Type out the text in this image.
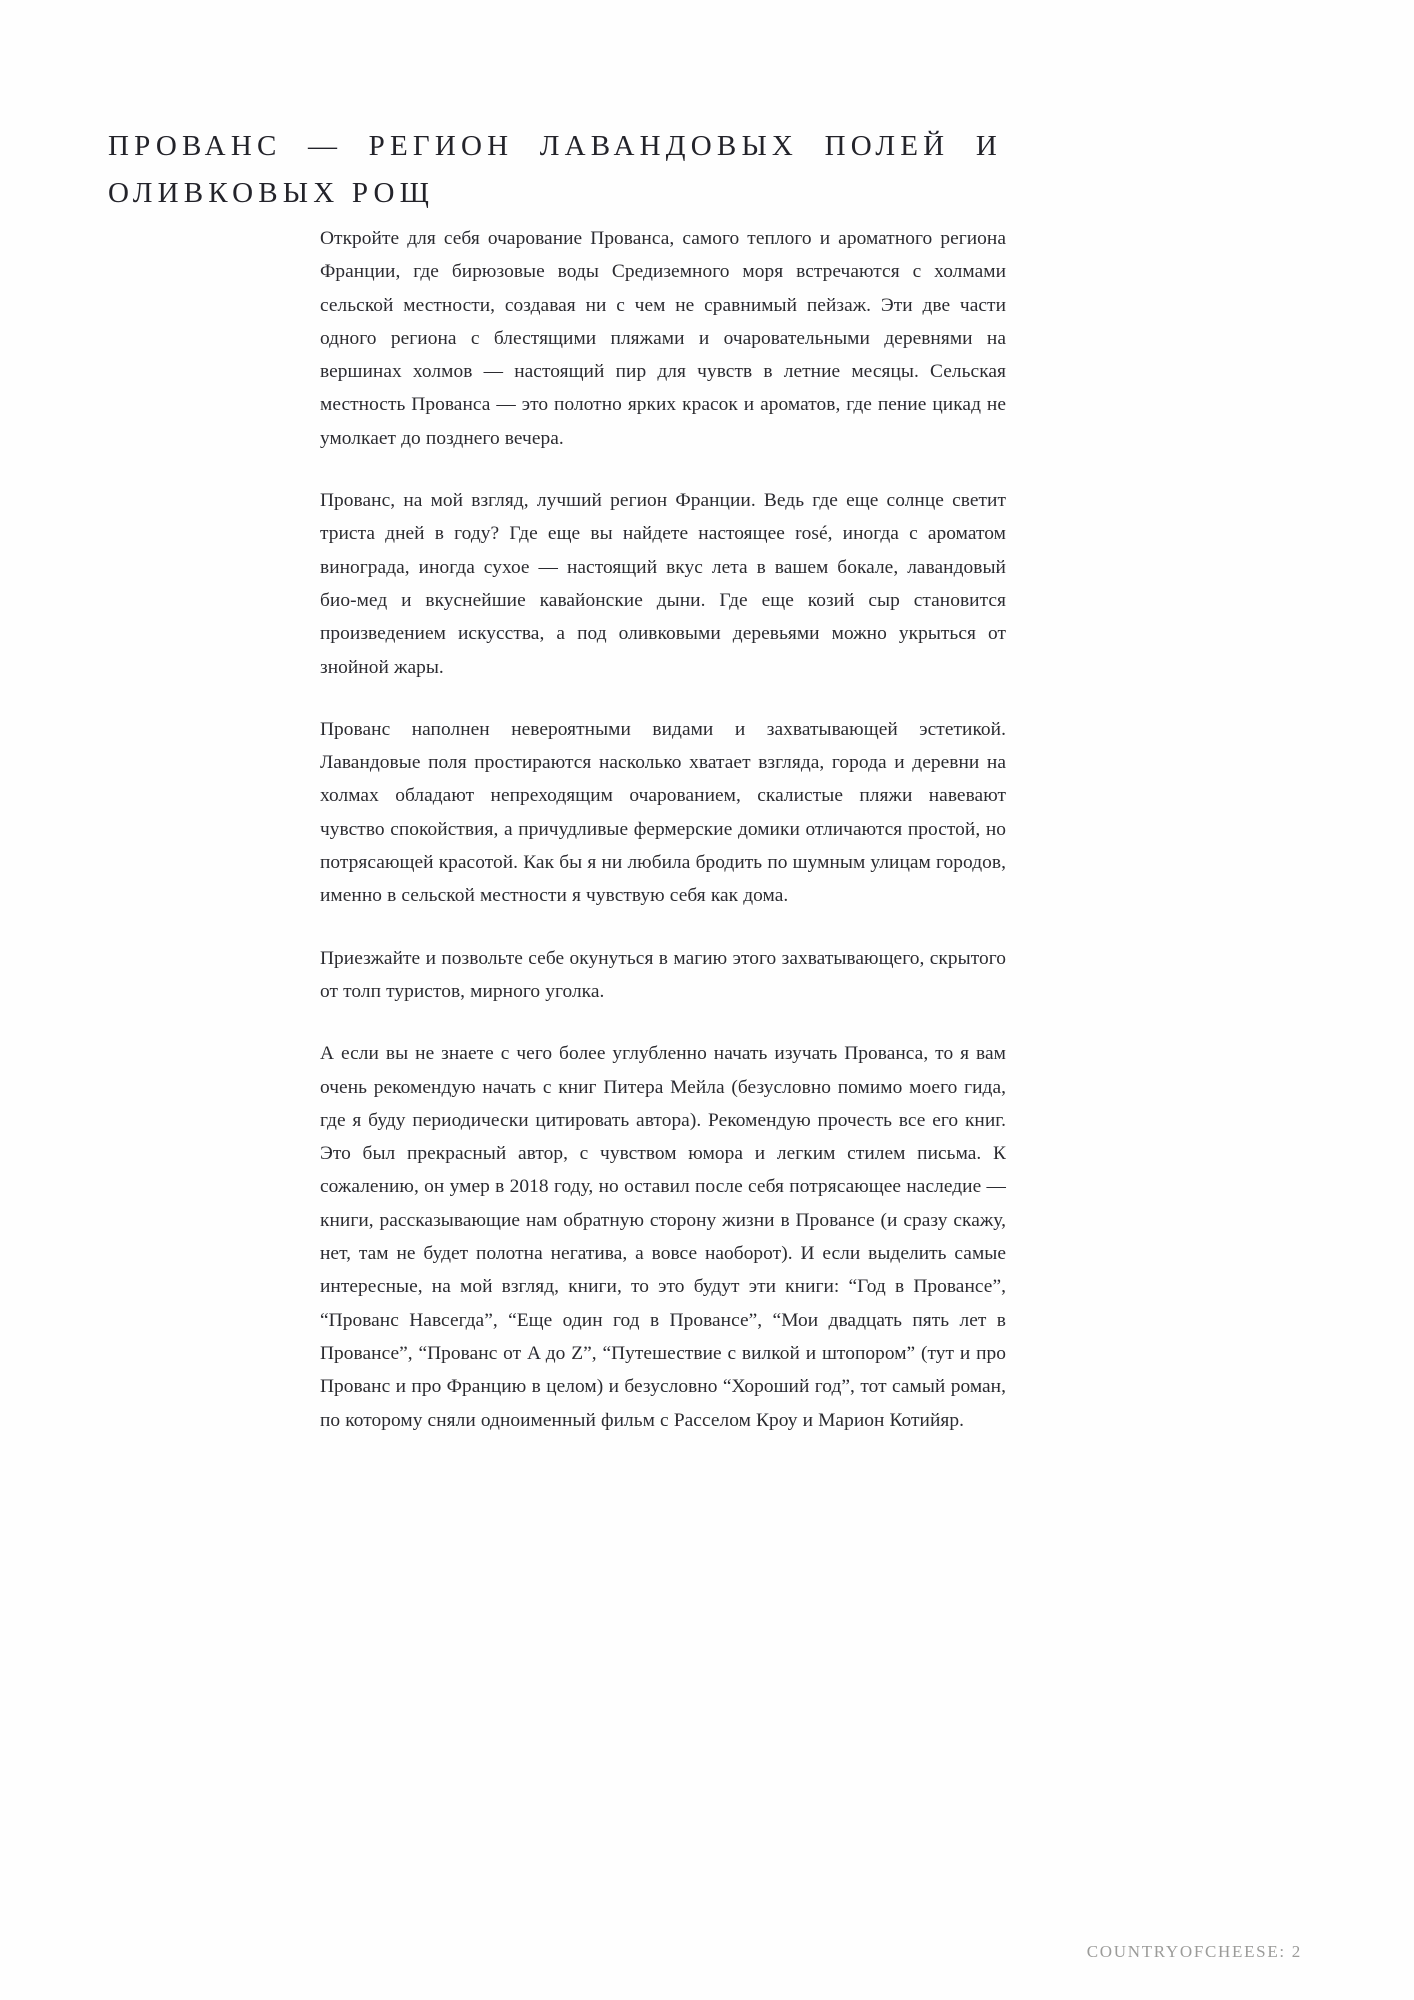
ПРОВАНС — РЕГИОН ЛАВАНДОВЫХ ПОЛЕЙ И
ОЛИВКОВЫХ РОЩ

Откройте для себя очарование Прованса, самого теплого и ароматного региона Франции, где бирюзовые воды Средиземного моря встречаются с холмами сельской местности, создавая ни с чем не сравнимый пейзаж. Эти две части одного региона с блестящими пляжами и очаровательными деревнями на вершинах холмов — настоящий пир для чувств в летние месяцы. Сельская местность Прованса — это полотно ярких красок и ароматов, где пение цикад не умолкает до позднего вечера.

Прованс, на мой взгляд, лучший регион Франции. Ведь где еще солнце светит триста дней в году? Где еще вы найдете настоящее rosé, иногда с ароматом винограда, иногда сухое — настоящий вкус лета в вашем бокале, лавандовый био-мед и вкуснейшие кавайонские дыни. Где еще козий сыр становится произведением искусства, а под оливковыми деревьями можно укрыться от знойной жары.

Прованс наполнен невероятными видами и захватывающей эстетикой. Лавандовые поля простираются насколько хватает взгляда, города и деревни на холмах обладают непреходящим очарованием, скалистые пляжи навевают чувство спокойствия, а причудливые фермерские домики отличаются простой, но потрясающей красотой. Как бы я ни любила бродить по шумным улицам городов, именно в сельской местности я чувствую себя как дома.

Приезжайте и позвольте себе окунуться в магию этого захватывающего, скрытого от толп туристов, мирного уголка.

А если вы не знаете с чего более углубленно начать изучать Прованса, то я вам очень рекомендую начать с книг Питера Мейла (безусловно помимо моего гида, где я буду периодически цитировать автора). Рекомендую прочесть все его книг. Это был прекрасный автор, с чувством юмора и легким стилем письма. К сожалению, он умер в 2018 году, но оставил после себя потрясающее наследие — книги, рассказывающие нам обратную сторону жизни в Провансе (и сразу скажу, нет, там не будет полотна негатива, а вовсе наоборот). И если выделить самые интересные, на мой взгляд, книги, то это будут эти книги: “Год в Провансе”, “Прованс Навсегда”, “Еще один год в Провансе”, “Мои двадцать пять лет в Провансе”, “Прованс от A до Z”, “Путешествие с вилкой и штопором” (тут и про Прованс и про Францию в целом) и безусловно “Хороший год”, тот самый роман, по которому сняли одноименный фильм с Расселом Кроу и Марион Котийяр.

COUNTRYOFCHEESE: 2
